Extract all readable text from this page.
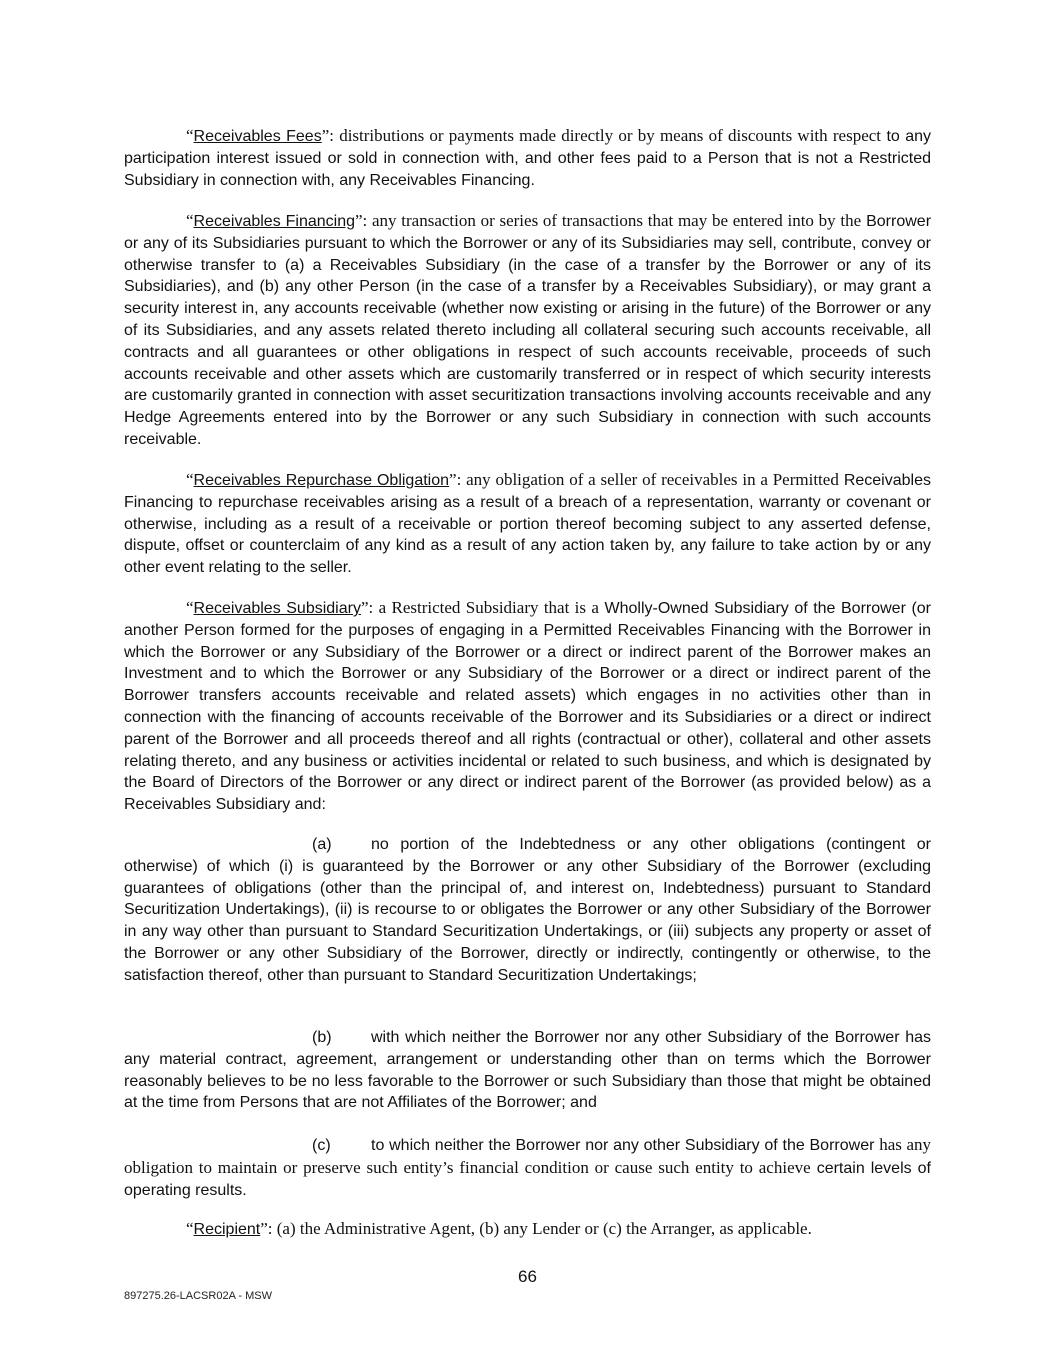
“Receivables Fees”: distributions or payments made directly or by means of discounts with respect to any participation interest issued or sold in connection with, and other fees paid to a Person that is not a Restricted Subsidiary in connection with, any Receivables Financing.

“Receivables Financing”: any transaction or series of transactions that may be entered into by the Borrower or any of its Subsidiaries pursuant to which the Borrower or any of its Subsidiaries may sell, contribute, convey or otherwise transfer to (a) a Receivables Subsidiary (in the case of a transfer by the Borrower or any of its Subsidiaries), and (b) any other Person (in the case of a transfer by a Receivables Subsidiary), or may grant a security interest in, any accounts receivable (whether now existing or arising in the future) of the Borrower or any of its Subsidiaries, and any assets related thereto including all collateral securing such accounts receivable, all contracts and all guarantees or other obligations in respect of such accounts receivable, proceeds of such accounts receivable and other assets which are customarily transferred or in respect of which security interests are customarily granted in connection with asset securitization transactions involving accounts receivable and any Hedge Agreements entered into by the Borrower or any such Subsidiary in connection with such accounts receivable.

“Receivables Repurchase Obligation”: any obligation of a seller of receivables in a Permitted Receivables Financing to repurchase receivables arising as a result of a breach of a representation, warranty or covenant or otherwise, including as a result of a receivable or portion thereof becoming subject to any asserted defense, dispute, offset or counterclaim of any kind as a result of any action taken by, any failure to take action by or any other event relating to the seller.

“Receivables Subsidiary”: a Restricted Subsidiary that is a Wholly-Owned Subsidiary of the Borrower (or another Person formed for the purposes of engaging in a Permitted Receivables Financing with the Borrower in which the Borrower or any Subsidiary of the Borrower or a direct or indirect parent of the Borrower makes an Investment and to which the Borrower or any Subsidiary of the Borrower or a direct or indirect parent of the Borrower transfers accounts receivable and related assets) which engages in no activities other than in connection with the financing of accounts receivable of the Borrower and its Subsidiaries or a direct or indirect parent of the Borrower and all proceeds thereof and all rights (contractual or other), collateral and other assets relating thereto, and any business or activities incidental or related to such business, and which is designated by the Board of Directors of the Borrower or any direct or indirect parent of the Borrower (as provided below) as a Receivables Subsidiary and:

(a) no portion of the Indebtedness or any other obligations (contingent or otherwise) of which (i) is guaranteed by the Borrower or any other Subsidiary of the Borrower (excluding guarantees of obligations (other than the principal of, and interest on, Indebtedness) pursuant to Standard Securitization Undertakings), (ii) is recourse to or obligates the Borrower or any other Subsidiary of the Borrower in any way other than pursuant to Standard Securitization Undertakings, or (iii) subjects any property or asset of the Borrower or any other Subsidiary of the Borrower, directly or indirectly, contingently or otherwise, to the satisfaction thereof, other than pursuant to Standard Securitization Undertakings;

(b) with which neither the Borrower nor any other Subsidiary of the Borrower has any material contract, agreement, arrangement or understanding other than on terms which the Borrower reasonably believes to be no less favorable to the Borrower or such Subsidiary than those that might be obtained at the time from Persons that are not Affiliates of the Borrower; and

(c)	to which neither the Borrower nor any other Subsidiary of the Borrower has any obligation to maintain or preserve such entity’s financial condition or cause such entity to achieve certain levels of operating results.

“Recipient”: (a) the Administrative Agent, (b) any Lender or (c) the Arranger, as applicable.

66
897275.26-LACSR02A - MSW
